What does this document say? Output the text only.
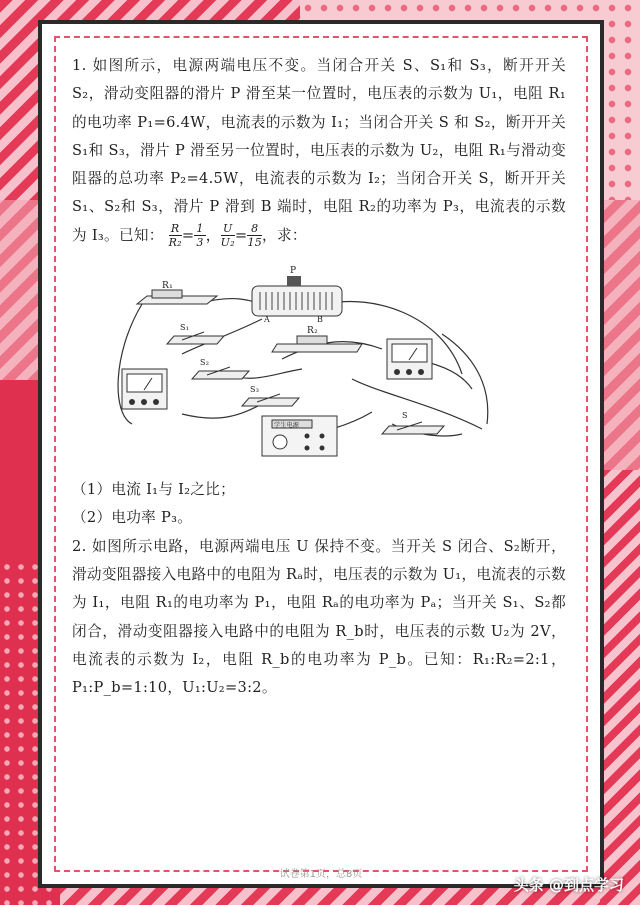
1. 如图所示，电源两端电压不变。当闭合开关 S、S₁和 S₃，断开开关 S₂，滑动变阻器的滑片 P 滑至某一位置时，电压表的示数为 U₁，电阻 R₁的电功率 P₁=6.4W，电流表的示数为 I₁；当闭合开关 S 和 S₂，断开开关 S₁和 S₃，滑片 P 滑至另一位置时，电压表的示数为 U₂，电阻 R₁与滑动变阻器的总功率 P₂=4.5W，电流表的示数为 I₂；当闭合开关 S，断开开关 S₁、S₂和 S₃，滑片 P 滑到 B 端时，电阻 R₂的功率为 P₃，电流表的示数为 I₃。已知： $\frac{R}{\text{R₂}} = \frac{1}{3}$ ， $\frac{U}{\text{U₂}} = \frac{8}{15}$ ，求：

R₁
P
A	B
S₁	R₂
S₂
S₃
S
学生电源

（1）电流 I₁与 I₂之比；

（2）电功率 P₃。

2. 如图所示电路，电源两端电压 U 保持不变。当开关 S 闭合、S₂断开，滑动变阻器接入电路中的电阻为 Rₐ时，电压表的示数为 U₁，电流表的示数为 I₁，电阻 R₁的电功率为 P₁，电阻 Rₐ的电功率为 Pₐ；当开关 S₁、S₂都闭合，滑动变阻器接入电路中的电阻为 R_b时，电压表的示数 U₂为 2V，电流表的示数为 I₂，电阻 R_b的电功率为 P_b。已知：R₁:R₂=2:1，P₁:P_b=1:10，U₁:U₂=3:2。

试卷第1页，总8页
头条 @到点学习
